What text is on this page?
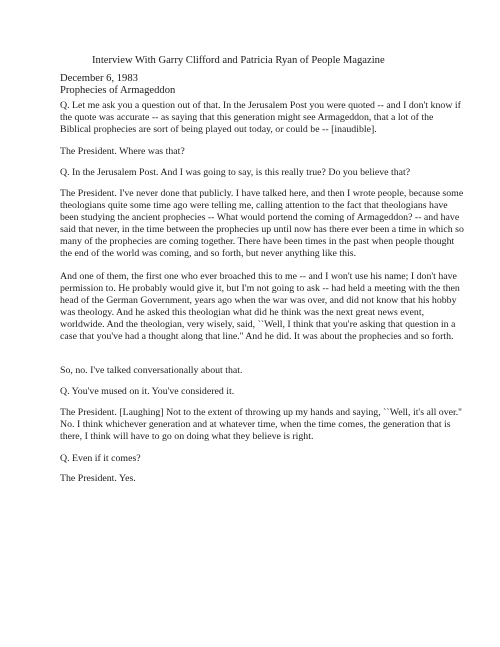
Interview With Garry Clifford and Patricia Ryan of People Magazine
December 6, 1983
Prophecies of Armageddon

Q. Let me ask you a question out of that. In the Jerusalem Post you were quoted -- and I don't know if the quote was accurate -- as saying that this generation might see Armageddon, that a lot of the Biblical prophecies are sort of being played out today, or could be -- [inaudible].

The President. Where was that?

Q. In the Jerusalem Post. And I was going to say, is this really true? Do you believe that?

The President. I've never done that publicly. I have talked here, and then I wrote people, because some theologians quite some time ago were telling me, calling attention to the fact that theologians have been studying the ancient prophecies -- What would portend the coming of Armageddon? -- and have said that never, in the time between the prophecies up until now has there ever been a time in which so many of the prophecies are coming together. There have been times in the past when people thought the end of the world was coming, and so forth, but never anything like this.

And one of them, the first one who ever broached this to me -- and I won't use his name; I don't have permission to. He probably would give it, but I'm not going to ask -- had held a meeting with the then head of the German Government, years ago when the war was over, and did not know that his hobby was theology. And he asked this theologian what did he think was the next great news event, worldwide. And the theologian, very wisely, said, ``Well, I think that you're asking that question in a case that you've had a thought along that line.'' And he did. It was about the prophecies and so forth.

So, no. I've talked conversationally about that.

Q. You've mused on it. You've considered it.

The President. [Laughing] Not to the extent of throwing up my hands and saying, ``Well, it's all over.'' No. I think whichever generation and at whatever time, when the time comes, the generation that is there, I think will have to go on doing what they believe is right.

Q. Even if it comes?

The President. Yes.
